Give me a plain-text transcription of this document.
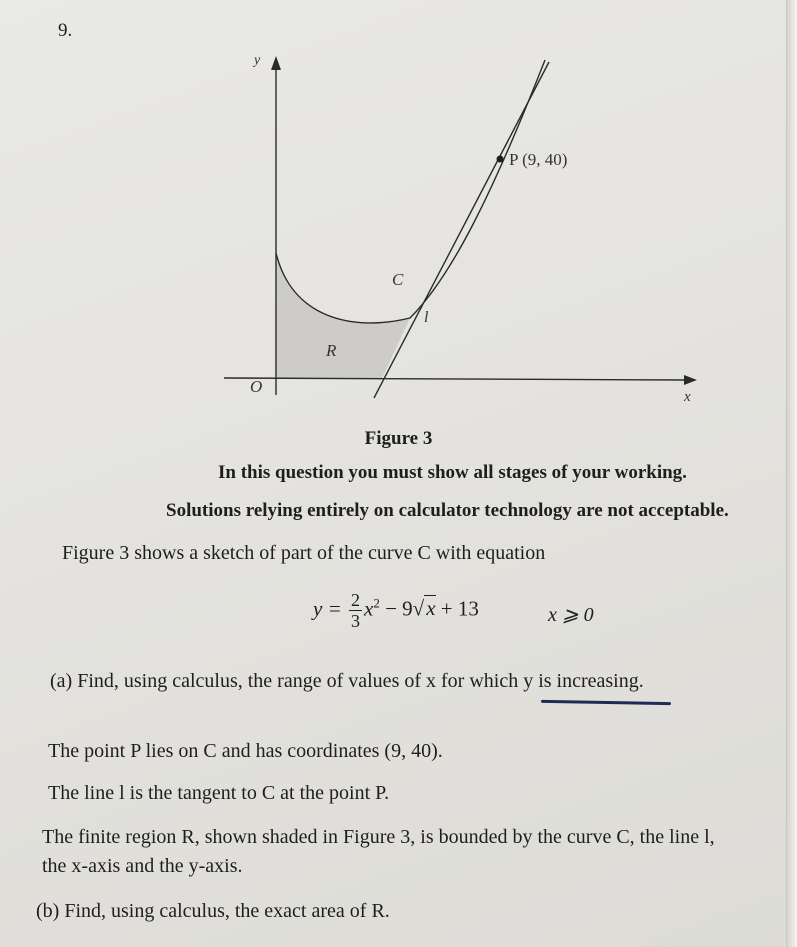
9.
y
x
O
C
l
R
P (9, 40)
Figure 3
In this question you must show all stages of your working.
Solutions relying entirely on calculator technology are not acceptable.
Figure 3 shows a sketch of part of the curve C with equation
$y = \frac{2}{3} x^2 - 9√x + 13$	x ⩾ 0
(a) Find, using calculus, the range of values of x for which y is increasing.
The point P lies on C and has coordinates (9, 40).
The line l is the tangent to C at the point P.
The finite region R, shown shaded in Figure 3, is bounded by the curve C, the line l,
the x-axis and the y-axis.
(b) Find, using calculus, the exact area of R.
